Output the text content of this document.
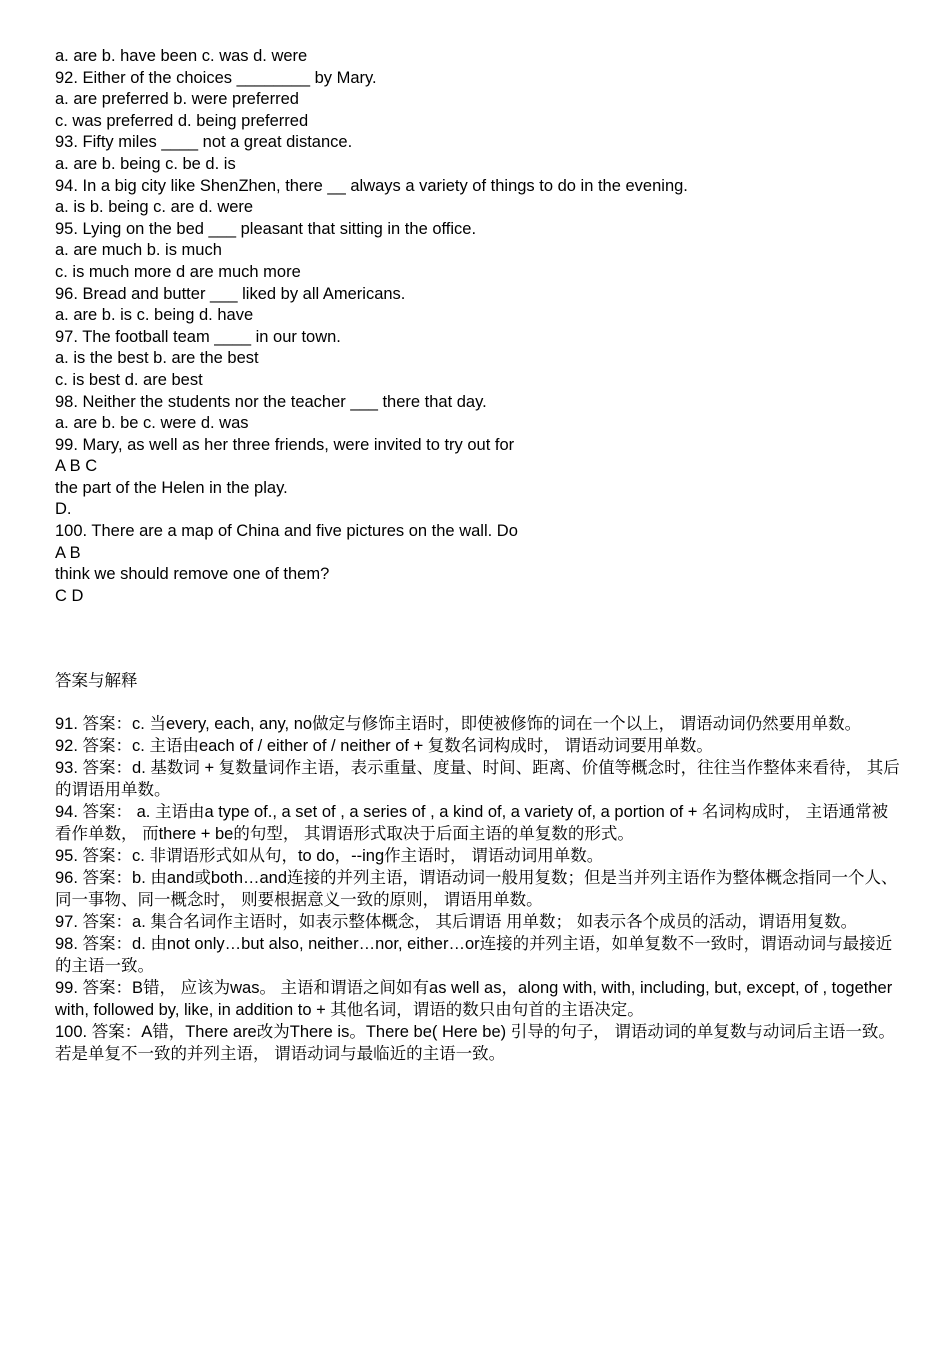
a. are b. have been c. was d. were

92. Either of the choices ________ by Mary.

a. are preferred b. were preferred

c. was preferred d. being preferred

93. Fifty miles ____ not a great distance.

a. are b. being c. be d. is

94. In a big city like ShenZhen, there __ always a variety of things to do in the evening.

a. is b. being c. are d. were

95. Lying on the bed ___ pleasant that sitting in the office.

a. are much b. is much

c. is much more d are much more

96. Bread and butter ___ liked by all Americans.

a. are b. is c. being d. have

97. The football team ____ in our town.

a. is the best b. are the best

c. is best d. are best

98. Neither the students nor the teacher ___ there that day.

a. are b. be c. were d. was

99. Mary, as well as her three friends, were invited to try out for

A B C

the part of the Helen in the play.

D.

100. There are a map of China and five pictures on the wall. Do

A B

think we should remove one of them?

C D

答案与解释

91. 答案：c. 当every, each, any, no做定与修饰主语时，即使被修饰的词在一个以上， 谓语动词仍然要用单数。

92. 答案：c. 主语由each of / either of / neither of + 复数名词构成时， 谓语动词要用单数。

93. 答案：d. 基数词 + 复数量词作主语，表示重量、度量、时间、距离、价值等概念时，往往当作整体来看待， 其后的谓语用单数。

94. 答案： a. 主语由a type of., a set of , a series of , a kind of, a variety of, a portion of + 名词构成时， 主语通常被看作单数， 而there + be的句型， 其谓语形式取决于后面主语的单复数的形式。

95. 答案：c. 非谓语形式如从句，to do，--ing作主语时， 谓语动词用单数。

96. 答案：b. 由and或both…and连接的并列主语，谓语动词一般用复数；但是当并列主语作为整体概念指同一个人、同一事物、同一概念时， 则要根据意义一致的原则， 谓语用单数。

97. 答案：a. 集合名词作主语时，如表示整体概念， 其后谓语 用单数； 如表示各个成员的活动，谓语用复数。

98. 答案：d. 由not only…but also, neither…nor, either…or连接的并列主语，如单复数不一致时，谓语动词与最接近的主语一致。

99. 答案：B错， 应该为was。 主语和谓语之间如有as well as，along with, with, including, but, except, of , together with, followed by, like, in addition to + 其他名词，谓语的数只由句首的主语决定。

100. 答案：A错，There are改为There is。There be( Here be) 引导的句子， 谓语动词的单复数与动词后主语一致。若是单复不一致的并列主语， 谓语动词与最临近的主语一致。
